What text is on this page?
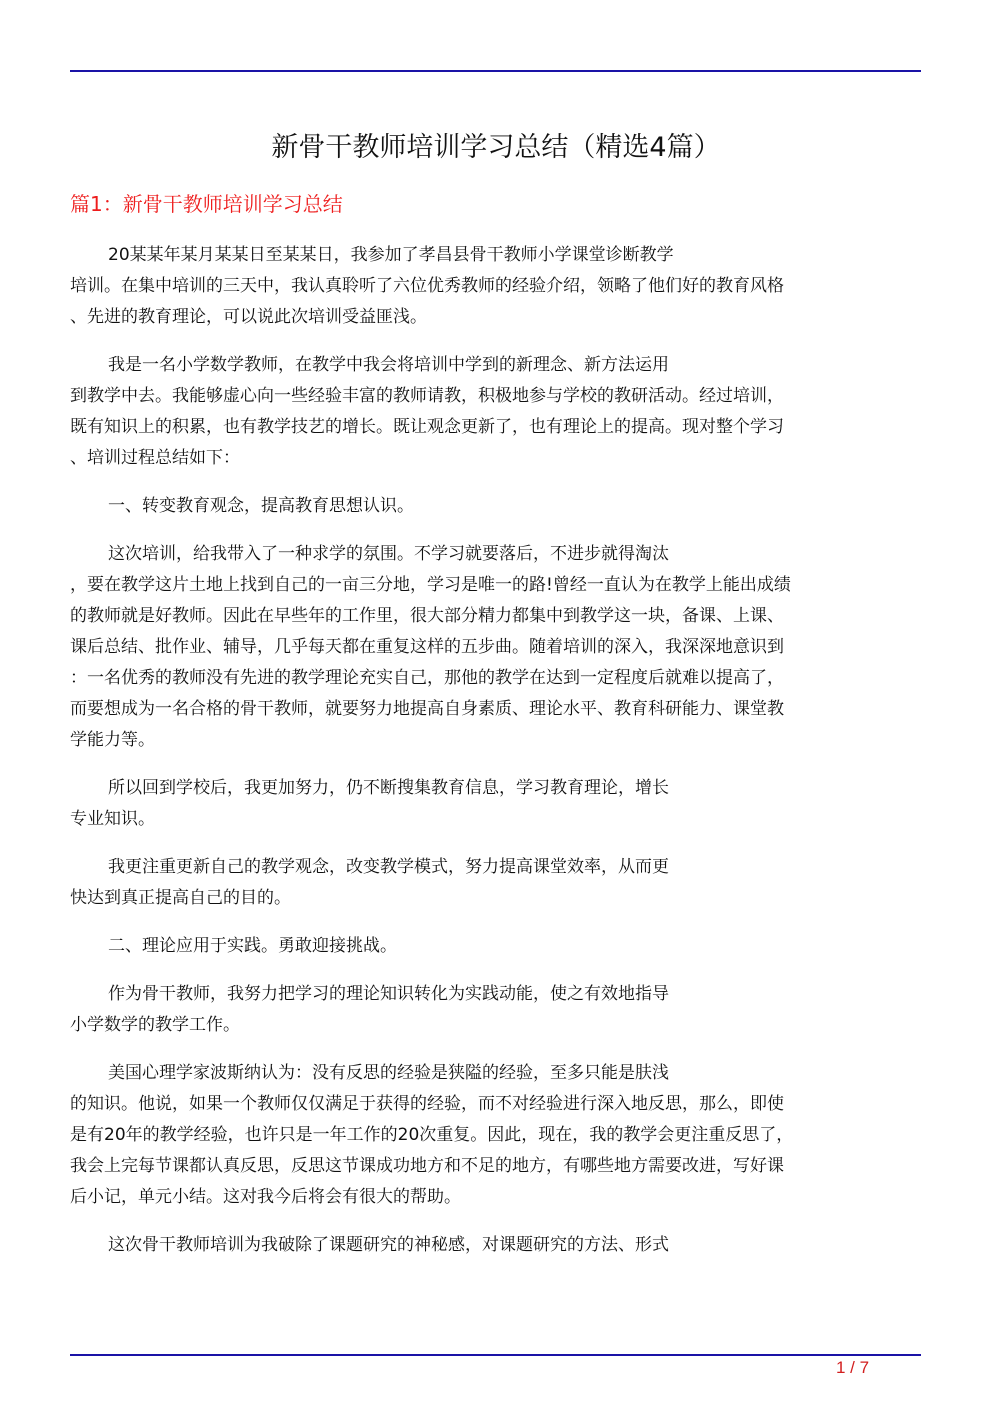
新骨干教师培训学习总结（精选4篇）
篇1：新骨干教师培训学习总结

20某某年某月某某日至某某日，我参加了孝昌县骨干教师小学课堂诊断教学
培训。在集中培训的三天中，我认真聆听了六位优秀教师的经验介绍，领略了他们好的教育风格
、先进的教育理论，可以说此次培训受益匪浅。

我是一名小学数学教师，在教学中我会将培训中学到的新理念、新方法运用
到教学中去。我能够虚心向一些经验丰富的教师请教，积极地参与学校的教研活动。经过培训，
既有知识上的积累，也有教学技艺的增长。既让观念更新了，也有理论上的提高。现对整个学习
、培训过程总结如下：

一、转变教育观念，提高教育思想认识。

这次培训，给我带入了一种求学的氛围。不学习就要落后，不进步就得淘汰
，要在教学这片土地上找到自己的一亩三分地，学习是唯一的路!曾经一直认为在教学上能出成绩
的教师就是好教师。因此在早些年的工作里，很大部分精力都集中到教学这一块，备课、上课、
课后总结、批作业、辅导，几乎每天都在重复这样的五步曲。随着培训的深入，我深深地意识到
：一名优秀的教师没有先进的教学理论充实自己，那他的教学在达到一定程度后就难以提高了，
而要想成为一名合格的骨干教师，就要努力地提高自身素质、理论水平、教育科研能力、课堂教
学能力等。

所以回到学校后，我更加努力，仍不断搜集教育信息，学习教育理论，增长
专业知识。

我更注重更新自己的教学观念，改变教学模式，努力提高课堂效率，从而更
快达到真正提高自己的目的。

二、理论应用于实践。勇敢迎接挑战。

作为骨干教师，我努力把学习的理论知识转化为实践动能，使之有效地指导
小学数学的教学工作。

美国心理学家波斯纳认为：没有反思的经验是狭隘的经验，至多只能是肤浅
的知识。他说，如果一个教师仅仅满足于获得的经验，而不对经验进行深入地反思，那么，即使
是有20年的教学经验，也许只是一年工作的20次重复。因此，现在，我的教学会更注重反思了，
我会上完每节课都认真反思，反思这节课成功地方和不足的地方，有哪些地方需要改进，写好课
后小记，单元小结。这对我今后将会有很大的帮助。

这次骨干教师培训为我破除了课题研究的神秘感，对课题研究的方法、形式

1 / 7
